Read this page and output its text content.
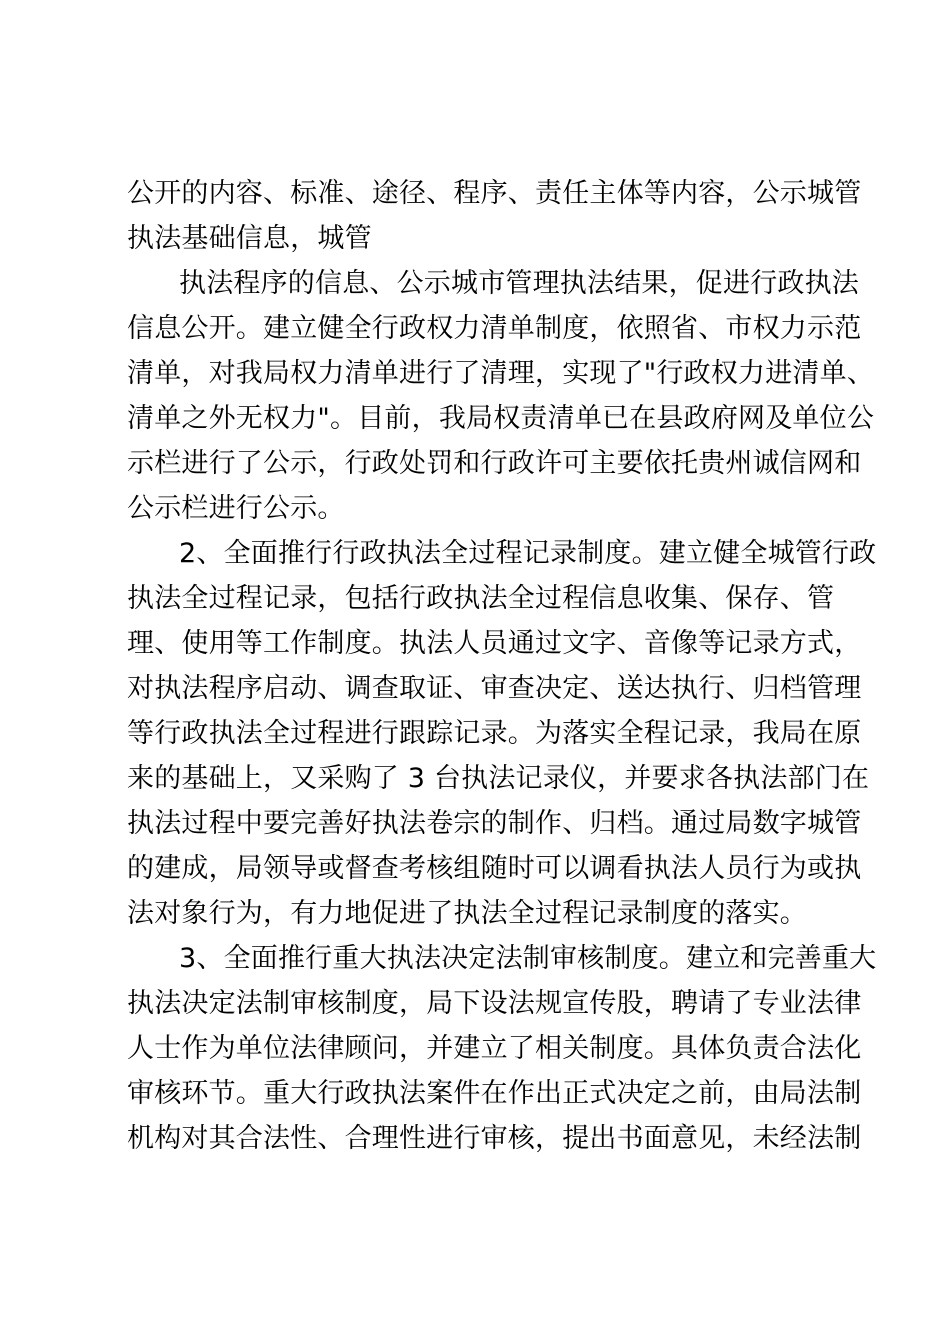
公开的内容、标准、途径、程序、责任主体等内容，公示城管
执法基础信息，城管
执法程序的信息、公示城市管理执法结果，促进行政执法
信息公开。建立健全行政权力清单制度，依照省、市权力示范
清单，对我局权力清单进行了清理，实现了"行政权力进清单、
清单之外无权力"。目前，我局权责清单已在县政府网及单位公
示栏进行了公示，行政处罚和行政许可主要依托贵州诚信网和
公示栏进行公示。
2、全面推行行政执法全过程记录制度。建立健全城管行政
执法全过程记录，包括行政执法全过程信息收集、保存、管
理、使用等工作制度。执法人员通过文字、音像等记录方式，
对执法程序启动、调查取证、审查决定、送达执行、归档管理
等行政执法全过程进行跟踪记录。为落实全程记录，我局在原
来的基础上，又采购了 3 台执法记录仪，并要求各执法部门在
执法过程中要完善好执法卷宗的制作、归档。通过局数字城管
的建成，局领导或督查考核组随时可以调看执法人员行为或执
法对象行为，有力地促进了执法全过程记录制度的落实。
3、全面推行重大执法决定法制审核制度。建立和完善重大
执法决定法制审核制度，局下设法规宣传股，聘请了专业法律
人士作为单位法律顾问，并建立了相关制度。具体负责合法化
审核环节。重大行政执法案件在作出正式决定之前，由局法制
机构对其合法性、合理性进行审核，提出书面意见，未经法制
